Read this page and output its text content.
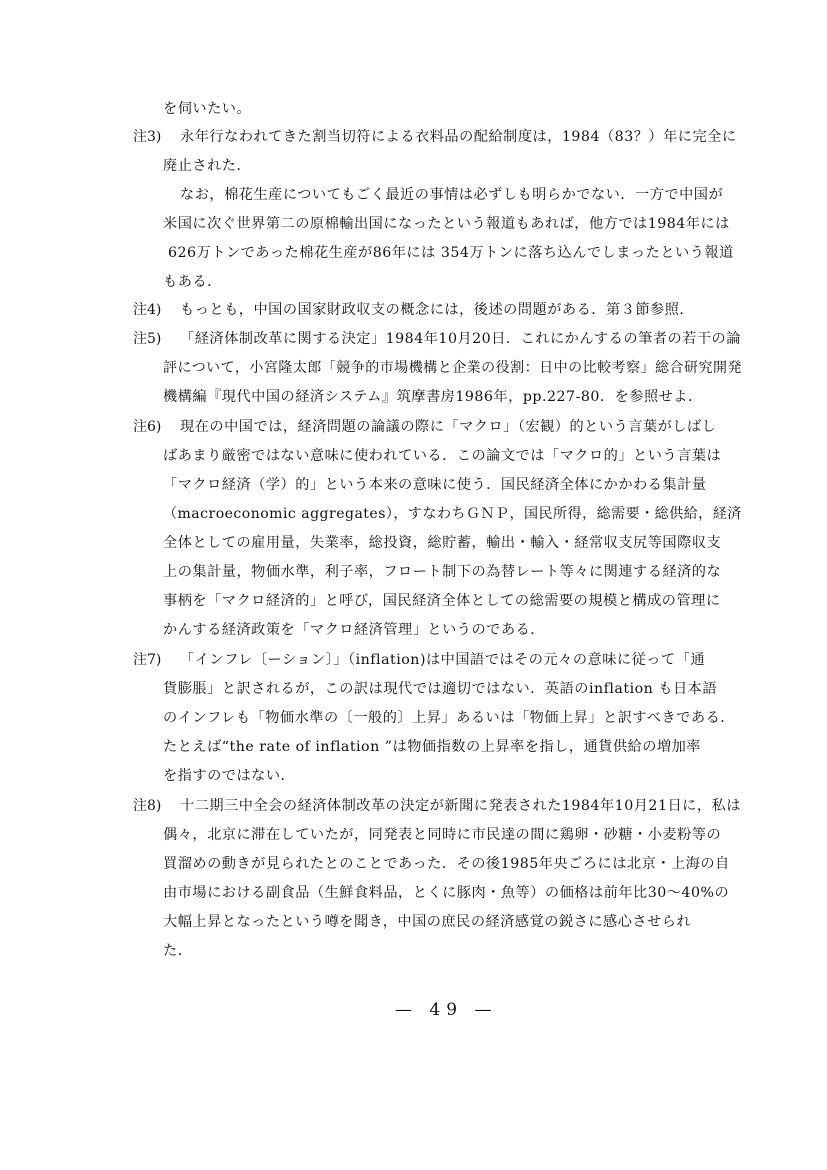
を伺いたい。
注3) 永年行なわれてきた割当切符による衣料品の配給制度は，1984（83？）年に完全に
廃止された．
なお，棉花生産についてもごく最近の事情は必ずしも明らかでない．一方で中国が
米国に次ぐ世界第二の原棉輸出国になったという報道もあれば，他方では1984年には
626万トンであった棉花生産が86年には 354万トンに落ち込んでしまったという報道
もある．
注4) もっとも，中国の国家財政収支の概念には，後述の問題がある．第３節参照．
注5) 「経済体制改革に関する決定」1984年10月20日．これにかんするの筆者の若干の論
評について，小宮隆太郎「競争的市場機構と企業の役割：日中の比較考察」総合研究開発
機構編『現代中国の経済システム』筑摩書房1986年，pp.227‐80．を参照せよ．
注6) 現在の中国では，経済問題の論議の際に「マクロ」（宏観）的という言葉がしばし
ばあまり厳密ではない意味に使われている．この論文では「マクロ的」という言葉は
「マクロ経済（学）的」という本来の意味に使う．国民経済全体にかかわる集計量
（macroeconomic aggregates），すなわちＧＮＰ，国民所得，総需要・総供給，経済
全体としての雇用量，失業率，総投資，総貯蓄，輸出・輸入・経常収支尻等国際収支
上の集計量，物価水準，利子率，フロート制下の為替レート等々に関連する経済的な
事柄を「マクロ経済的」と呼び，国民経済全体としての総需要の規模と構成の管理に
かんする経済政策を「マクロ経済管理」というのである．
注7) 「インフレ〔ーション〕」（inflation)は中国語ではその元々の意味に従って「通
貨膨脹」と訳されるが，この訳は現代では適切ではない．英語のinflation も日本語
のインフレも「物価水準の〔一般的〕上昇」あるいは「物価上昇」と訳すべきである．
たとえば“the rate of inflation ”は物価指数の上昇率を指し，通貨供給の増加率
を指すのではない．
注8) 十二期三中全会の経済体制改革の決定が新聞に発表された1984年10月21日に，私は
偶々，北京に滞在していたが，同発表と同時に市民達の間に鶏卵・砂糖・小麦粉等の
買溜めの動きが見られたとのことであった．その後1985年央ごろには北京・上海の自
由市場における副食品（生鮮食料品，とくに豚肉・魚等）の価格は前年比30～40%の
大幅上昇となったという噂を聞き，中国の庶民の経済感覚の鋭さに感心させられ
た．
— 49 —
